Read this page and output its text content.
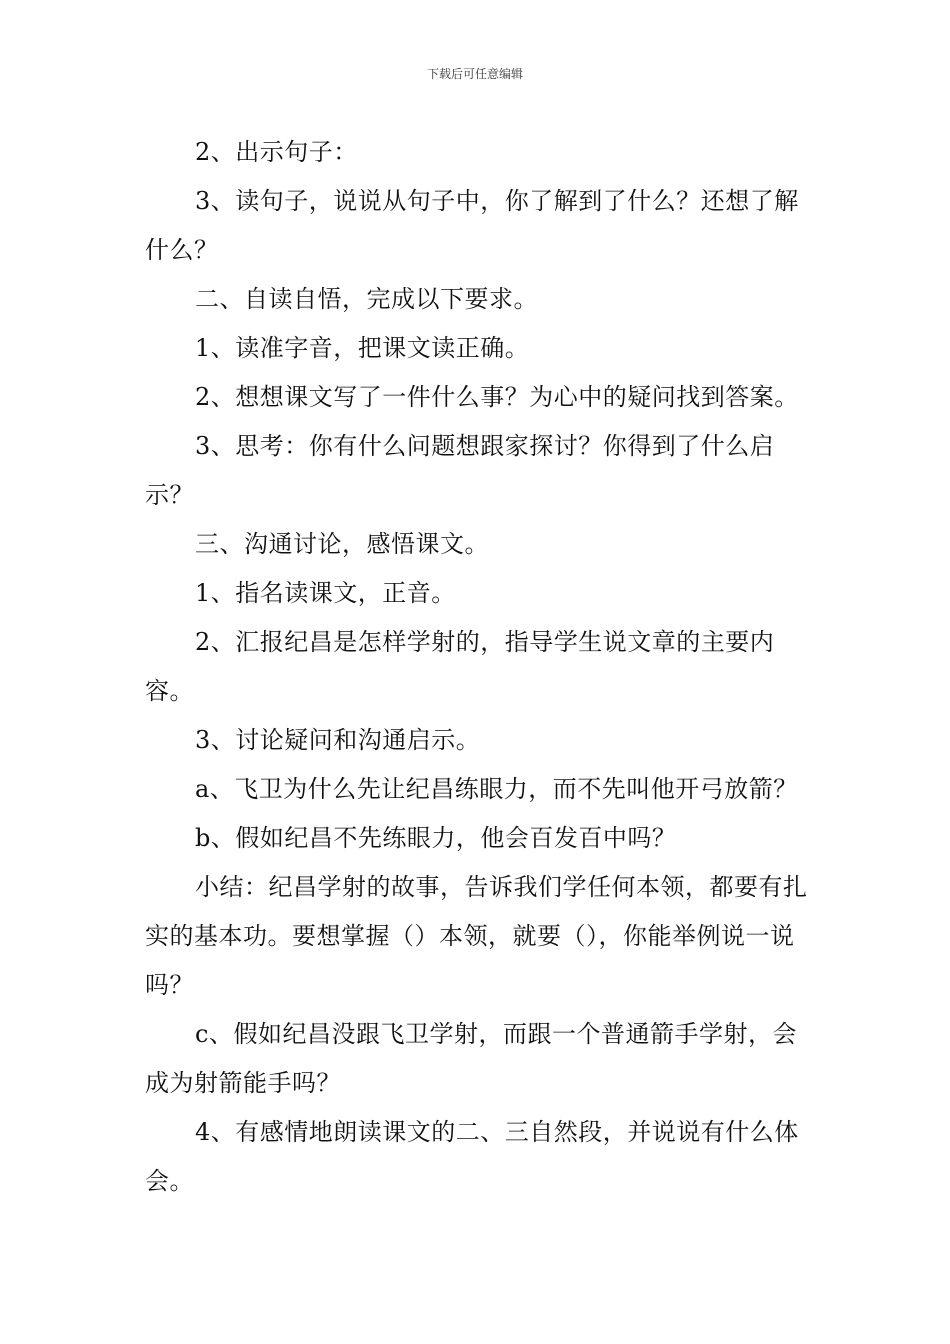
下载后可任意编辑

2、出示句子：

3、读句子，说说从句子中，你了解到了什么？还想了解什么？

二、自读自悟，完成以下要求。

1、读准字音，把课文读正确。

2、想想课文写了一件什么事？为心中的疑问找到答案。

3、思考：你有什么问题想跟家探讨？你得到了什么启示？

三、沟通讨论，感悟课文。

1、指名读课文，正音。

2、汇报纪昌是怎样学射的，指导学生说文章的主要内容。

3、讨论疑问和沟通启示。

a、飞卫为什么先让纪昌练眼力，而不先叫他开弓放箭？

b、假如纪昌不先练眼力，他会百发百中吗？

小结：纪昌学射的故事，告诉我们学任何本领，都要有扎实的基本功。要想掌握（）本领，就要（），你能举例说一说吗？

c、假如纪昌没跟飞卫学射，而跟一个普通箭手学射，会成为射箭能手吗？

4、有感情地朗读课文的二、三自然段，并说说有什么体会。
